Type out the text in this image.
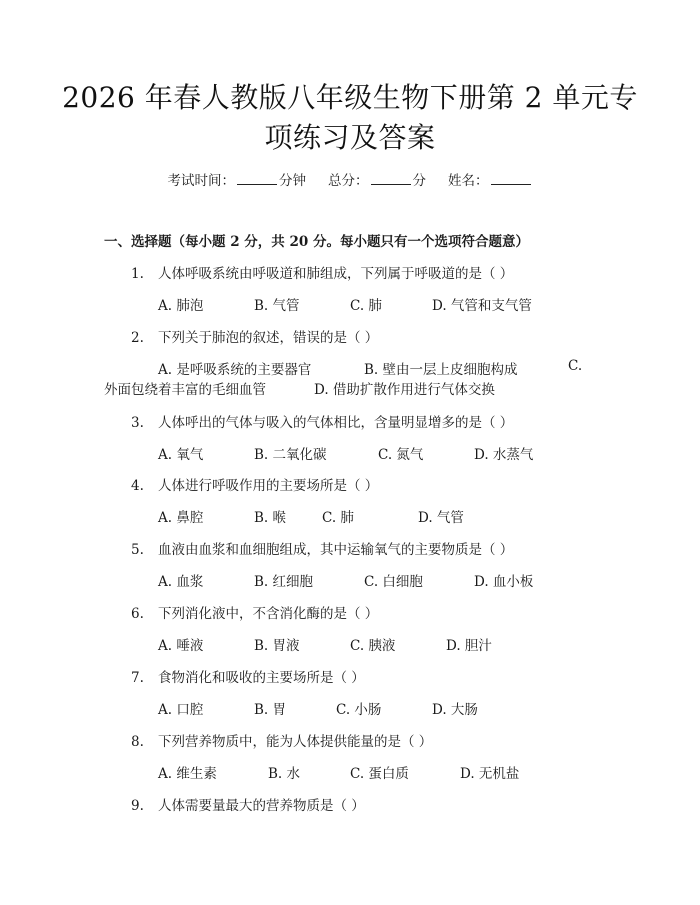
2026 年春人教版八年级生物下册第 2 单元专
项练习及答案
考试时间：	分钟 总分：	分 姓名：
一、选择题（每小题 2 分，共 20 分。每小题只有一个选项符合题意）
1. 人体呼吸系统由呼吸道和肺组成，下列属于呼吸道的是（ ）
A. 肺泡	B. 气管	C. 肺	D. 气管和支气管
2. 下列关于肺泡的叙述，错误的是（ ）
A. 是呼吸系统的主要器官	B. 壁由一层上皮细胞构成	C.
外面包绕着丰富的毛细血管	D. 借助扩散作用进行气体交换
3. 人体呼出的气体与吸入的气体相比，含量明显增多的是（ ）
A. 氧气	B. 二氧化碳	C. 氮气	D. 水蒸气
4. 人体进行呼吸作用的主要场所是（ ）
A. 鼻腔	B. 喉	C. 肺	D. 气管
5. 血液由血浆和血细胞组成，其中运输氧气的主要物质是（ ）
A. 血浆	B. 红细胞	C. 白细胞	D. 血小板
6. 下列消化液中，不含消化酶的是（ ）
A. 唾液	B. 胃液	C. 胰液	D. 胆汁
7. 食物消化和吸收的主要场所是（ ）
A. 口腔	B. 胃	C. 小肠	D. 大肠
8. 下列营养物质中，能为人体提供能量的是（ ）
A. 维生素	B. 水	C. 蛋白质	D. 无机盐
9. 人体需要量最大的营养物质是（ ）
